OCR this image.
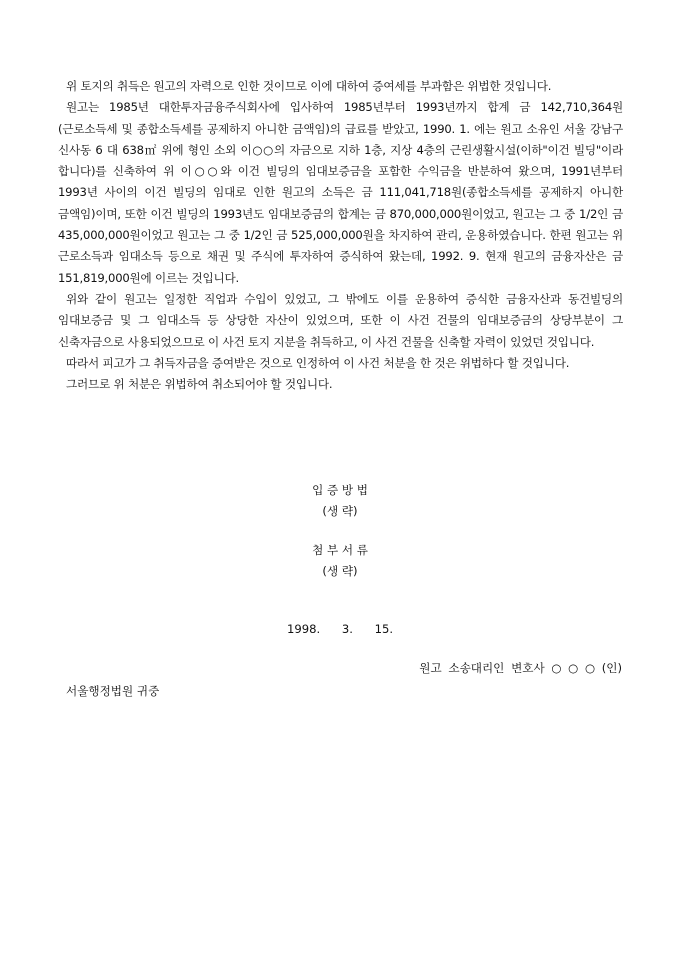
위 토지의 취득은 원고의 자력으로 인한 것이므로 이에 대하여 증여세를 부과함은 위법한 것입니다.

원고는 1985년 대한투자금융주식회사에 입사하여 1985년부터 1993년까지 합계 금 142,710,364원(근로소득세 및 종합소득세를 공제하지 아니한 금액임)의 급료를 받았고, 1990. 1. 에는 원고 소유인 서울 강남구 신사동 6 대 638㎡ 위에 형인 소외 이○○의 자금으로 지하 1층, 지상 4층의 근린생활시설(이하"이건 빌딩"이라 합니다)를 신축하여 위 이○○와 이건 빌딩의 임대보증금을 포함한 수익금을 반분하여 왔으며, 1991년부터 1993년 사이의 이건 빌딩의 임대로 인한 원고의 소득은 금 111,041,718원(종합소득세를 공제하지 아니한 금액임)이며, 또한 이건 빌딩의 1993년도 임대보증금의 합계는 금 870,000,000원이었고, 원고는 그 중 1/2인 금 435,000,000원이었고 원고는 그 중 1/2인 금 525,000,000원을 차지하여 관리, 운용하였습니다. 한편 원고는 위 근로소득과 임대소득 등으로 채권 및 주식에 투자하여 증식하여 왔는데, 1992. 9. 현재 원고의 금융자산은 금 151,819,000원에 이르는 것입니다.

위와 같이 원고는 일정한 직업과 수입이 있었고, 그 밖에도 이를 운용하여 증식한 금융자산과 동건빌딩의 임대보증금 및 그 임대소득 등 상당한 자산이 있었으며, 또한 이 사건 건물의 임대보증금의 상당부분이 그 신축자금으로 사용되었으므로 이 사건 토지 지분을 취득하고, 이 사건 건물을 신축할 자력이 있었던 것입니다.

따라서 피고가 그 취득자금을 증여받은 것으로 인정하여 이 사건 처분을 한 것은 위법하다 할 것입니다.

그러므로 위 처분은 위법하여 취소되어야 할 것입니다.

입 증 방 법
(생 략)
첨 부 서 류
(생 략)
1998. 3. 15.
원고 소송대리인 변호사 ○ ○ ○ (인)
서울행정법원 귀중
